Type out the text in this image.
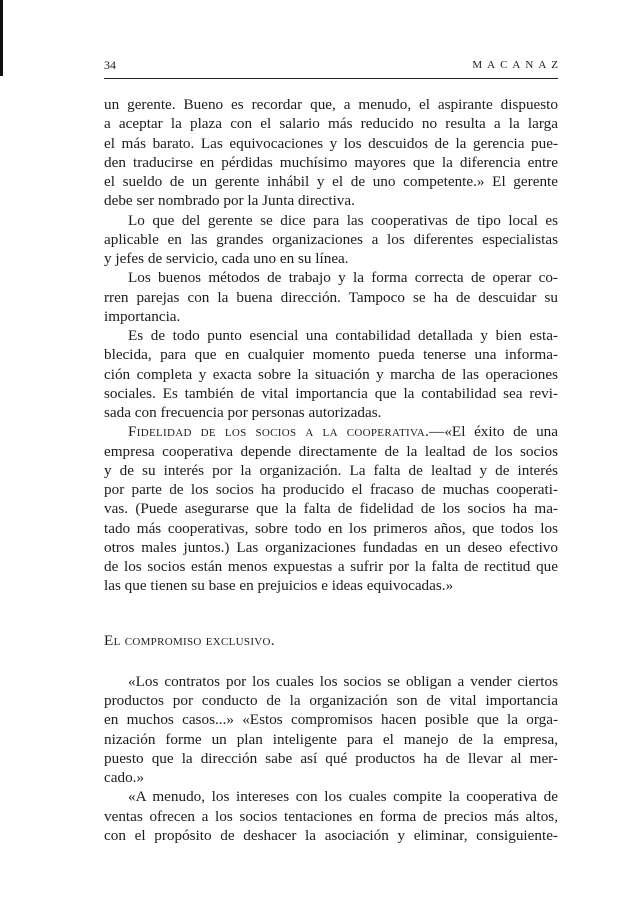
34	MACANAZ
un gerente. Bueno es recordar que, a menudo, el aspirante dispuesto
a aceptar la plaza con el salario más reducido no resulta a la larga
el más barato. Las equivocaciones y los descuidos de la gerencia pue-
den traducirse en pérdidas muchísimo mayores que la diferencia entre
el sueldo de un gerente inhábil y el de uno competente.» El gerente
debe ser nombrado por la Junta directiva.
Lo que del gerente se dice para las cooperativas de tipo local es
aplicable en las grandes organizaciones a los diferentes especialistas
y jefes de servicio, cada uno en su línea.
Los buenos métodos de trabajo y la forma correcta de operar co-
rren parejas con la buena dirección. Tampoco se ha de descuidar su
importancia.
Es de todo punto esencial una contabilidad detallada y bien esta-
blecida, para que en cualquier momento pueda tenerse una informa-
ción completa y exacta sobre la situación y marcha de las operaciones
sociales. Es también de vital importancia que la contabilidad sea revi-
sada con frecuencia por personas autorizadas.
Fidelidad de los socios a la cooperativa.—«El éxito de una
empresa cooperativa depende directamente de la lealtad de los socios
y de su interés por la organización. La falta de lealtad y de interés
por parte de los socios ha producido el fracaso de muchas cooperati-
vas. (Puede asegurarse que la falta de fidelidad de los socios ha ma-
tado más cooperativas, sobre todo en los primeros años, que todos los
otros males juntos.) Las organizaciones fundadas en un deseo efectivo
de los socios están menos expuestas a sufrir por la falta de rectitud que
las que tienen su base en prejuicios e ideas equivocadas.»
El compromiso exclusivo.
«Los contratos por los cuales los socios se obligan a vender ciertos
productos por conducto de la organización son de vital importancia
en muchos casos...» «Estos compromisos hacen posible que la orga-
nización forme un plan inteligente para el manejo de la empresa,
puesto que la dirección sabe así qué productos ha de llevar al mer-
cado.»
«A menudo, los intereses con los cuales compite la cooperativa de
ventas ofrecen a los socios tentaciones en forma de precios más altos,
con el propósito de deshacer la asociación y eliminar, consiguiente-
